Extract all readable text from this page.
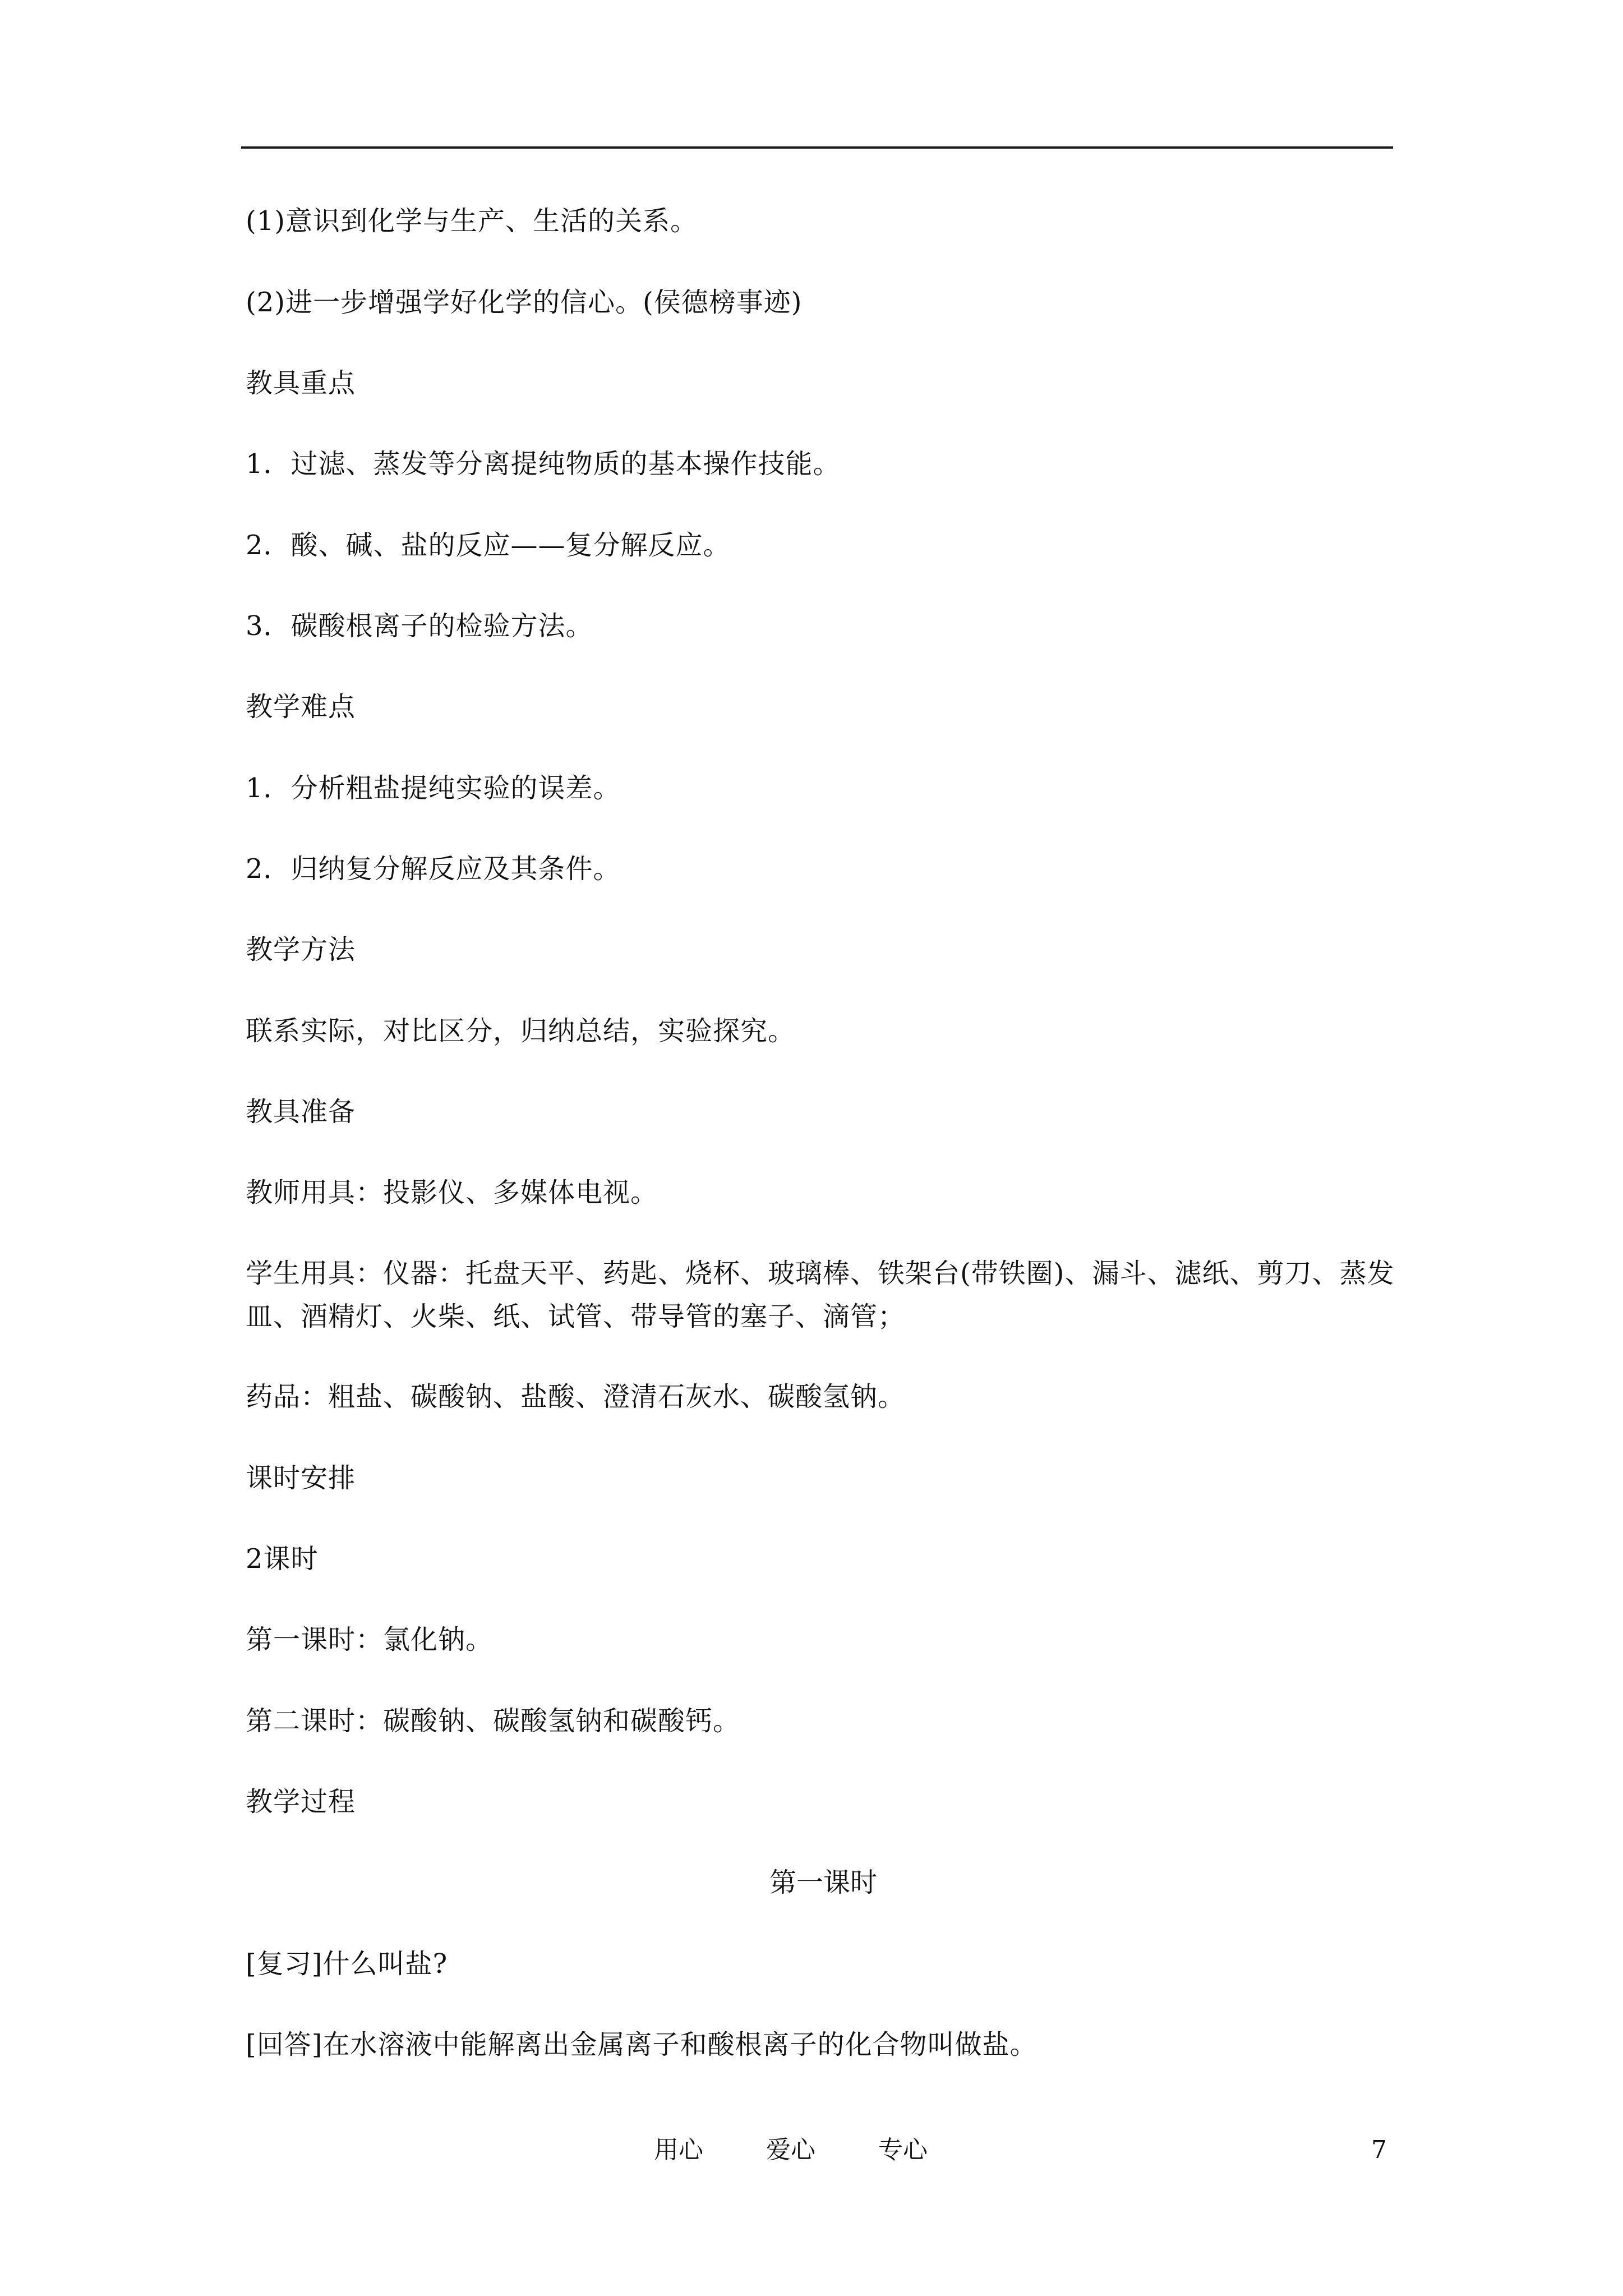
(1)意识到化学与生产、生活的关系。
(2)进一步增强学好化学的信心。(侯德榜事迹)
教具重点
1．过滤、蒸发等分离提纯物质的基本操作技能。
2．酸、碱、盐的反应——复分解反应。
3．碳酸根离子的检验方法。
教学难点
1．分析粗盐提纯实验的误差。
2．归纳复分解反应及其条件。
教学方法
联系实际，对比区分，归纳总结，实验探究。
教具准备
教师用具：投影仪、多媒体电视。
学生用具：仪器：托盘天平、药匙、烧杯、玻璃棒、铁架台(带铁圈)、漏斗、滤纸、剪刀、蒸发皿、酒精灯、火柴、纸、试管、带导管的塞子、滴管；
药品：粗盐、碳酸钠、盐酸、澄清石灰水、碳酸氢钠。
课时安排
2课时
第一课时：氯化钠。
第二课时：碳酸钠、碳酸氢钠和碳酸钙。
教学过程
第一课时
[复习]什么叫盐?
[回答]在水溶液中能解离出金属离子和酸根离子的化合物叫做盐。
用心	爱心	专心	7
